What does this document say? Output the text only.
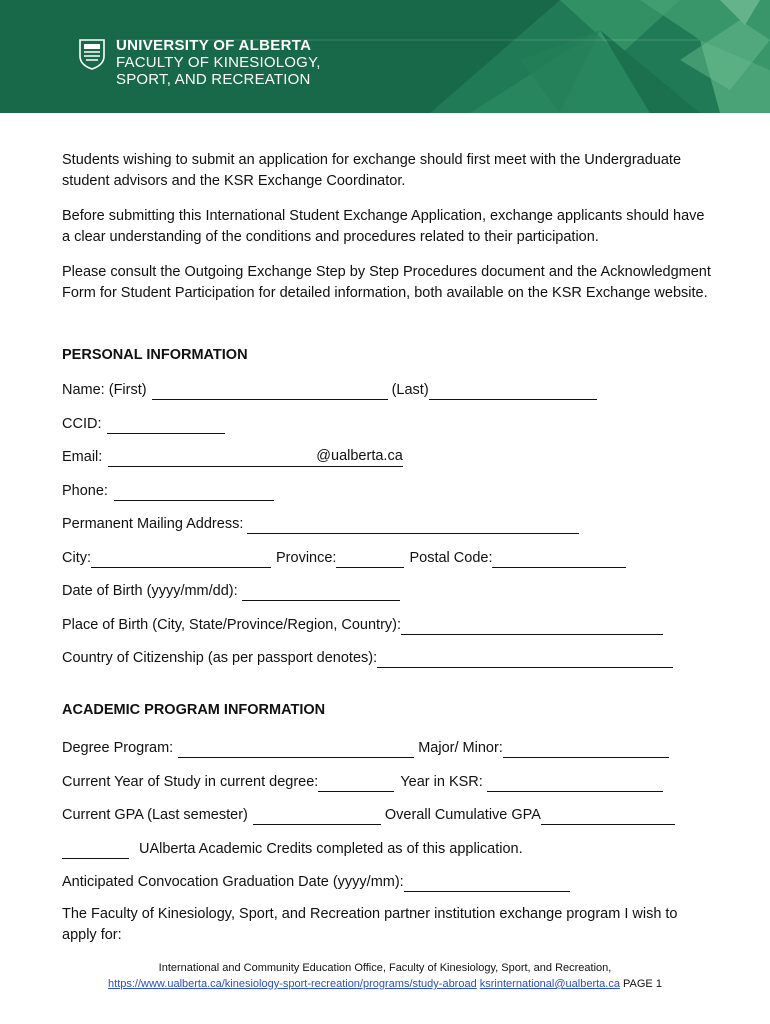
UNIVERSITY OF ALBERTA
FACULTY OF KINESIOLOGY,
SPORT, AND RECREATION
Students wishing to submit an application for exchange should first meet with the Undergraduate student advisors and the KSR Exchange Coordinator.
Before submitting this International Student Exchange Application, exchange applicants should have a clear understanding of the conditions and procedures related to their participation.
Please consult the Outgoing Exchange Step by Step Procedures document and the Acknowledgment Form for Student Participation for detailed information, both available on the KSR Exchange website.
PERSONAL INFORMATION
Name: (First)	(Last)
CCID:
Email:	@ualberta.ca
Phone:
Permanent Mailing Address:
City:	Province:	Postal Code:
Date of Birth (yyyy/mm/dd):
Place of Birth (City, State/Province/Region, Country):
Country of Citizenship (as per passport denotes):
ACADEMIC PROGRAM INFORMATION
Degree Program:	Major/ Minor:
Current Year of Study in current degree:	Year in KSR:
Current GPA (Last semester)	Overall Cumulative GPA
UAlberta Academic Credits completed as of this application.
Anticipated Convocation Graduation Date (yyyy/mm):
The Faculty of Kinesiology, Sport, and Recreation partner institution exchange program I wish to apply for:
International and Community Education Office, Faculty of Kinesiology, Sport, and Recreation,
https://www.ualberta.ca/kinesiology-sport-recreation/programs/study-abroad ksrinternational@ualberta.ca PAGE 1
